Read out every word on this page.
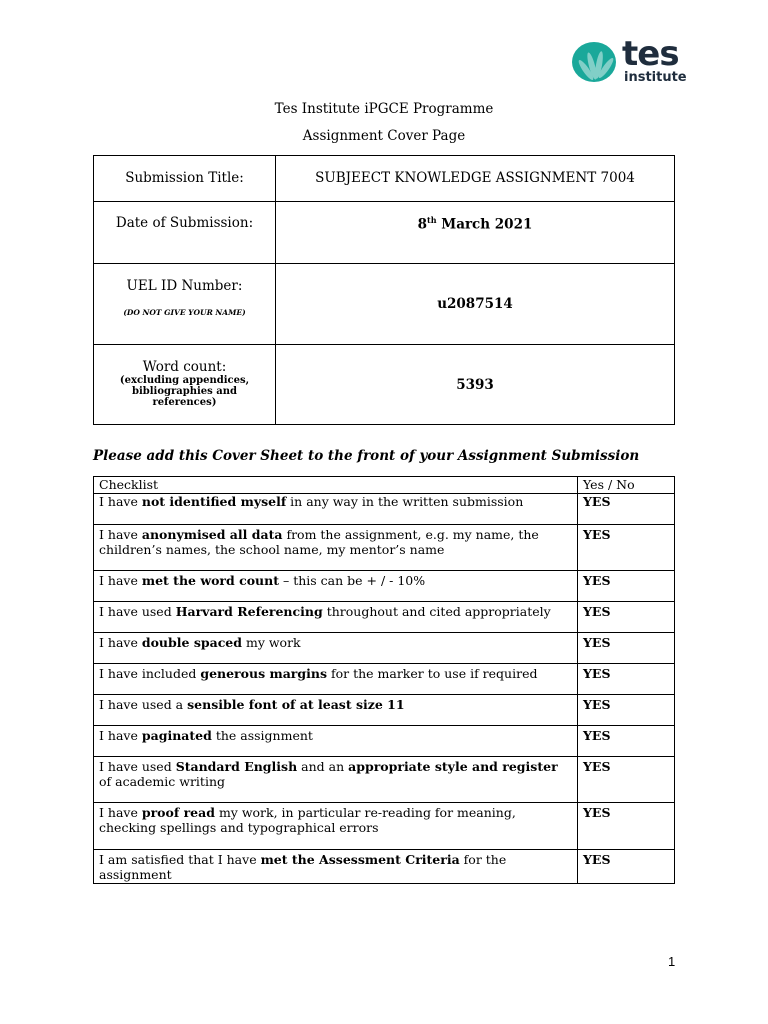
tes
institute
Tes Institute iPGCE Programme
Assignment Cover Page
Submission Title:	SUBJEECT KNOWLEDGE ASSIGNMENT 7004
Date of Submission:	8th March 2021
UEL ID Number:
(DO NOT GIVE YOUR NAME)	u2087514
Word count:
(excluding appendices, bibliographies and references)	5393
Please add this Cover Sheet to the front of your Assignment Submission
Checklist	Yes / No
I have not identified myself in any way in the written submission	YES
I have anonymised all data from the assignment, e.g. my name, the children’s names, the school name, my mentor’s name	YES
I have met the word count – this can be + / - 10%	YES
I have used Harvard Referencing throughout and cited appropriately	YES
I have double spaced my work	YES
I have included generous margins for the marker to use if required	YES
I have used a sensible font of at least size 11	YES
I have paginated the assignment	YES
I have used Standard English and an appropriate style and register of academic writing	YES
I have proof read my work, in particular re-reading for meaning, checking spellings and typographical errors	YES
I am satisfied that I have met the Assessment Criteria for the assignment	YES
1
